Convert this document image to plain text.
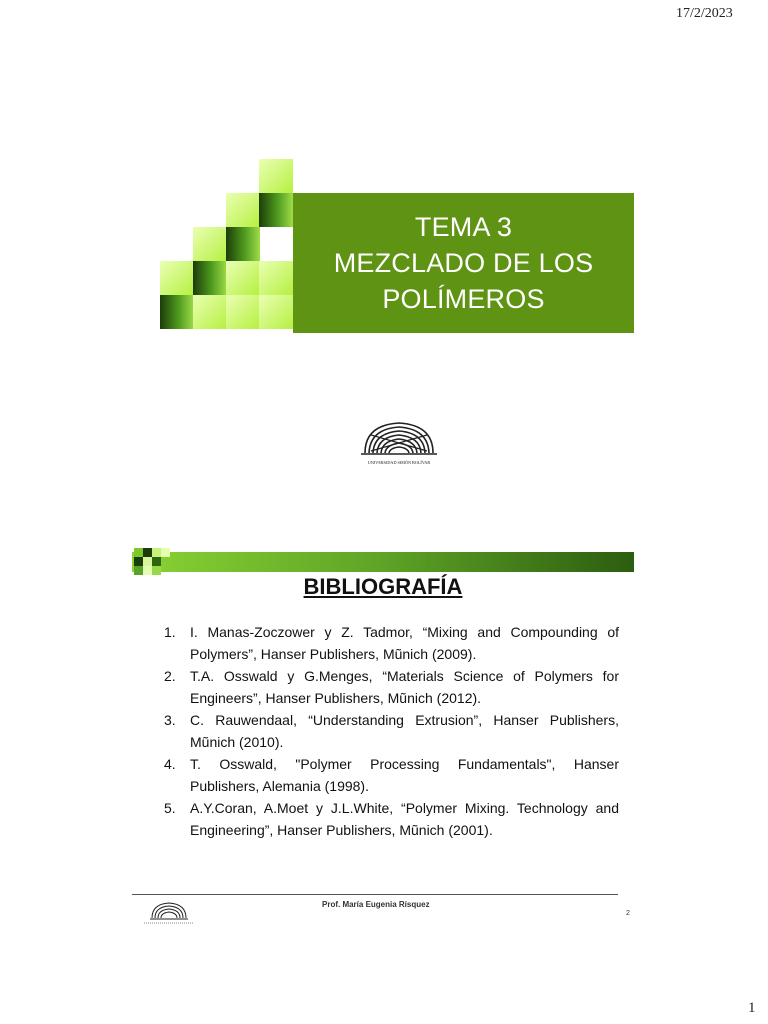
17/2/2023
TEMA 3
MEZCLADO DE LOS
POLÍMEROS
UNIVERSIDAD SIMÓN BOLÍVAR
BIBLIOGRAFÍA
1. I. Manas-Zoczower y Z. Tadmor, “Mixing and Compounding of Polymers”, Hanser Publishers, Mũnich (2009).
2. T.A. Osswald y G.Menges, “Materials Science of Polymers for Engineers”, Hanser Publishers, Mũnich (2012).
3. C. Rauwendaal, “Understanding Extrusion”, Hanser Publishers, Mũnich (2010).
4. T. Osswald, "Polymer Processing Fundamentals", Hanser Publishers, Alemania (1998).
5. A.Y.Coran, A.Moet y J.L.White, “Polymer Mixing. Technology and Engineering”, Hanser Publishers, Mũnich (2001).
Prof. María Eugenia Rísquez
2
1
